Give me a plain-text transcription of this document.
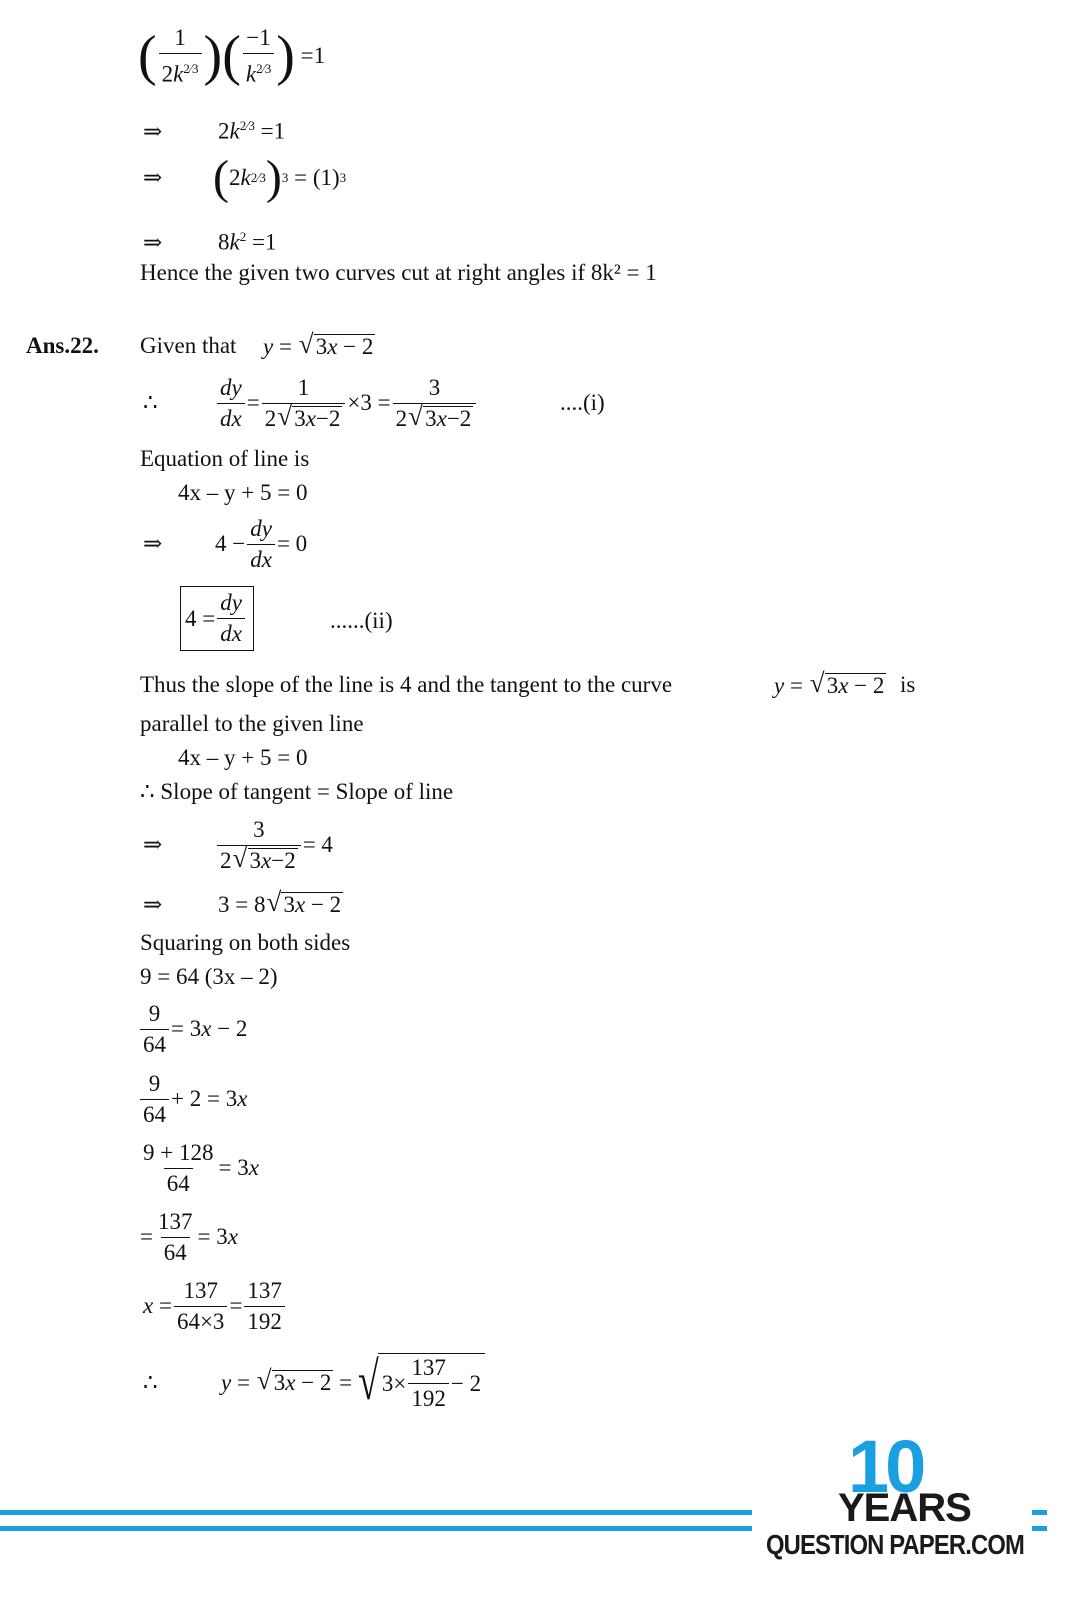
( $\frac{1}{2k^{2⁄3}}$ )( $\frac{-1}{k^{2⁄3}}$ ) =1
⇒ $2k^{2⁄3} =1$
⇒	( 2 k 2⁄3 ) 3 = (1) 3
⇒ $8k^2 =1$
Hence the given two curves cut at right angles if 8k² = 1
Ans.22. Given that y = √ 3x − 2
∴	$\frac{dy}{dx} = \frac{1}{2 √ 3x-2} \times 3 = \frac{3}{2 √ 3x-2}$	....(i)
Equation of line is
4x – y + 5 = 0
⇒	$4 - \frac{dy}{dx} = 0$
$4 = \frac{dy}{dx}$	......(ii)
Thus the slope of the line is 4 and the tangent to the curve	y = √ 3x − 2 is
parallel to the given line
4x – y + 5 = 0
∴ Slope of tangent = Slope of line
⇒	$\frac{3}{2 √ 3x-2} = 4$
⇒ 3 = 8 √ 3x − 2
Squaring on both sides
9 = 64 (3x – 2)
$\frac{9}{64} = 3x - 2$
$\frac{9}{64} + 2 = 3x$
$\frac{9 + 128}{64} = 3x$
= $\frac{137}{64} = 3x$
$x = \frac{137}{64\times 3} = \frac{137}{192}$
∴	y = √ 3x − 2 = √ $3\times \frac{137}{192} - 2$
10
YEARS
QUESTION PAPER.COM
